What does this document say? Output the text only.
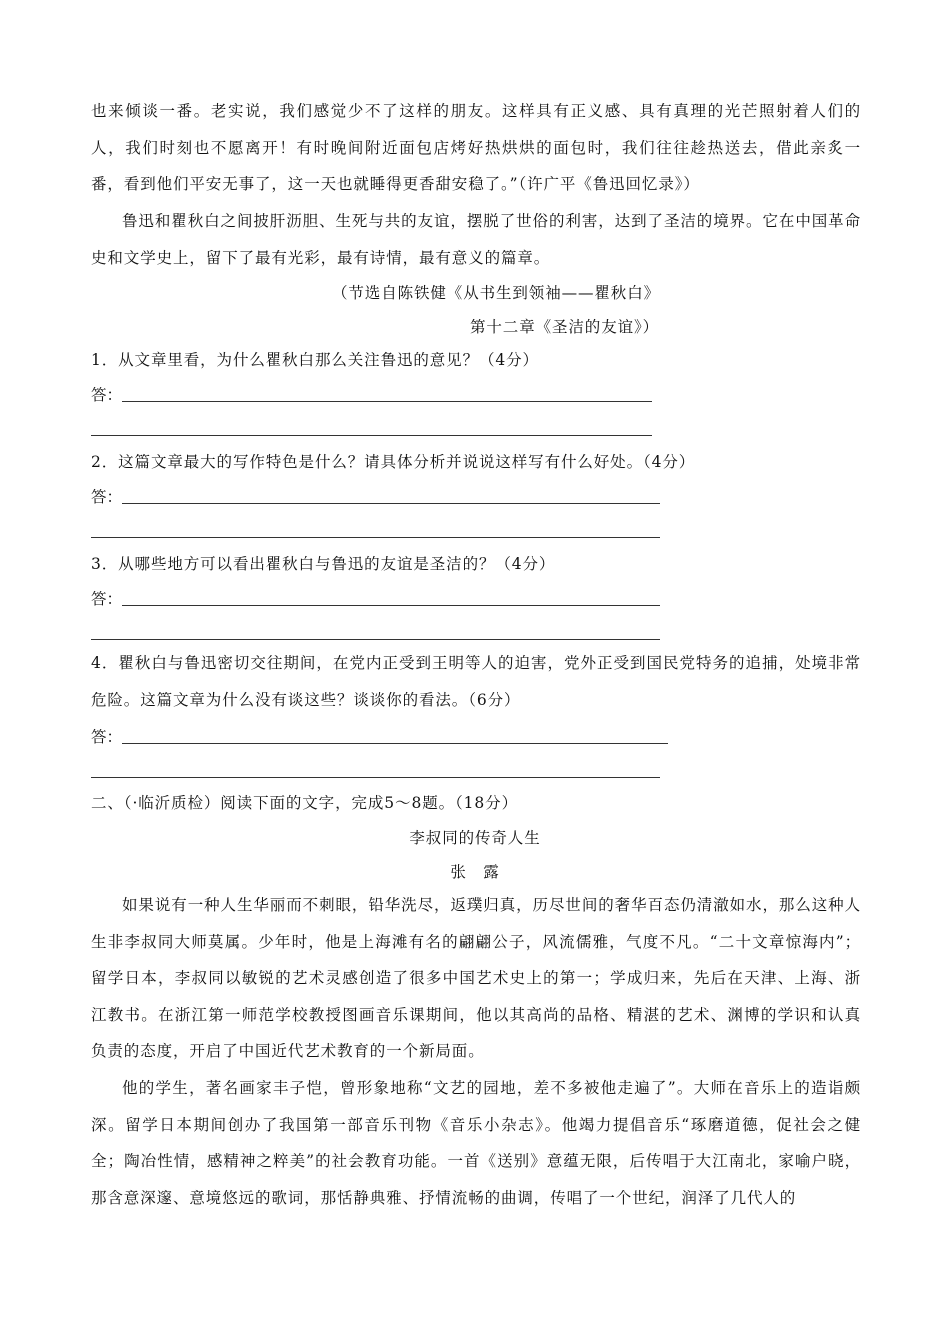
也来倾谈一番。老实说，我们感觉少不了这样的朋友。这样具有正义感、具有真理的光芒照射着人们的人，我们时刻也不愿离开！有时晚间附近面包店烤好热烘烘的面包时，我们往往趁热送去，借此亲炙一番，看到他们平安无事了，这一天也就睡得更香甜安稳了。”（许广平《鲁迅回忆录》）

鲁迅和瞿秋白之间披肝沥胆、生死与共的友谊，摆脱了世俗的利害，达到了圣洁的境界。它在中国革命史和文学史上，留下了最有光彩，最有诗情，最有意义的篇章。

（节选自陈铁健《从书生到领袖——瞿秋白》

第十二章《圣洁的友谊》）

1．从文章里看，为什么瞿秋白那么关注鲁迅的意见？（4分）

答：

2．这篇文章最大的写作特色是什么？请具体分析并说说这样写有什么好处。（4分）

答：

3．从哪些地方可以看出瞿秋白与鲁迅的友谊是圣洁的？（4分）

答：

4．瞿秋白与鲁迅密切交往期间，在党内正受到王明等人的迫害，党外正受到国民党特务的追捕，处境非常危险。这篇文章为什么没有谈这些？谈谈你的看法。（6分）

答：

二、（·临沂质检）阅读下面的文字，完成5～8题。（18分）

李叔同的传奇人生

张　露

如果说有一种人生华丽而不刺眼，铅华洗尽，返璞归真，历尽世间的奢华百态仍清澈如水，那么这种人生非李叔同大师莫属。少年时，他是上海滩有名的翩翩公子，风流儒雅，气度不凡。“二十文章惊海内”；留学日本，李叔同以敏锐的艺术灵感创造了很多中国艺术史上的第一；学成归来，先后在天津、上海、浙江教书。在浙江第一师范学校教授图画音乐课期间，他以其高尚的品格、精湛的艺术、渊博的学识和认真负责的态度，开启了中国近代艺术教育的一个新局面。

他的学生，著名画家丰子恺，曾形象地称“文艺的园地，差不多被他走遍了”。大师在音乐上的造诣颇深。留学日本期间创办了我国第一部音乐刊物《音乐小杂志》。他竭力提倡音乐“琢磨道德，促社会之健全；陶冶性情，感精神之粹美”的社会教育功能。一首《送别》意蕴无限，后传唱于大江南北，家喻户晓，那含意深邃、意境悠远的歌词，那恬静典雅、抒情流畅的曲调，传唱了一个世纪，润泽了几代人的
